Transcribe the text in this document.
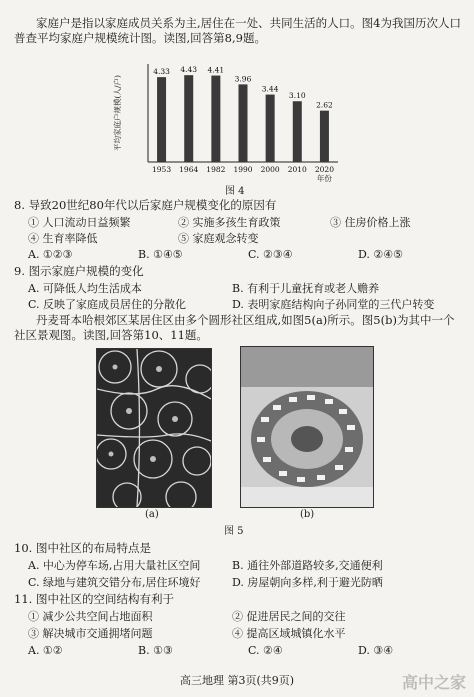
家庭户是指以家庭成员关系为主,居住在一处、共同生活的人口。图4为我国历次人口普查平均家庭户规模统计图。读图,回答第8,9题。
平均家庭户规模(人/户)
4.33
1953
4.43
1964
4.41
1982
3.96
1990
3.44
2000
3.10
2010
2.62
2020
年份
图 4
8. 导致20世纪80年代以后家庭户规模变化的原因有
① 人口流动日益频繁	② 实施多孩生育政策	③ 住房价格上涨
④ 生育率降低	⑤ 家庭观念转变
A. ①②③	B. ①④⑤	C. ②③④	D. ②④⑤
9. 图示家庭户规模的变化
A. 可降低人均生活成本	B. 有利于儿童抚育或老人赡养
C. 反映了家庭成员居住的分散化	D. 表明家庭结构向子孙同堂的三代户转变
丹麦哥本哈根郊区某居住区由多个圆形社区组成,如图5(a)所示。图5(b)为其中一个社区景观图。读图,回答第10、11题。
(a)	(b)
图 5
10. 图中社区的布局特点是
A. 中心为停车场,占用大量社区空间	B. 通往外部道路较多,交通便利
C. 绿地与建筑交错分布,居住环境好	D. 房屋朝向多样,利于避光防晒
11. 图中社区的空间结构有利于
① 减少公共空间占地面积	② 促进居民之间的交往
③ 解决城市交通拥堵问题	④ 提高区域城镇化水平
A. ①②	B. ①③	C. ②④	D. ③④
高三地理 第3页(共9页)	高中之家
